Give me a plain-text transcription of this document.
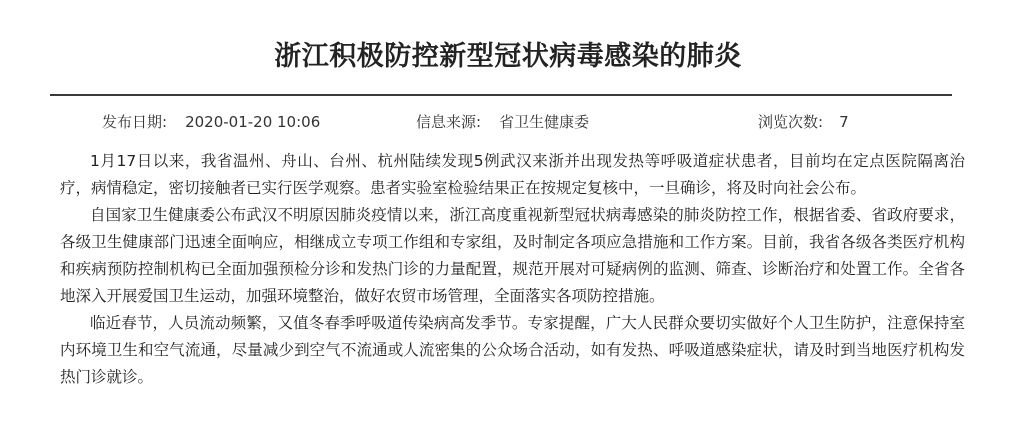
浙江积极防控新型冠状病毒感染的肺炎
发布日期: 2020-01-20 10:06	信息来源: 省卫生健康委	浏览次数: 7

1月17日以来，我省温州、舟山、台州、杭州陆续发现5例武汉来浙并出现发热等呼吸道症状患者，目前均在定点医院隔离治疗，病情稳定，密切接触者已实行医学观察。患者实验室检验结果正在按规定复核中，一旦确诊，将及时向社会公布。

自国家卫生健康委公布武汉不明原因肺炎疫情以来，浙江高度重视新型冠状病毒感染的肺炎防控工作，根据省委、省政府要求，各级卫生健康部门迅速全面响应，相继成立专项工作组和专家组，及时制定各项应急措施和工作方案。目前，我省各级各类医疗机构和疾病预防控制机构已全面加强预检分诊和发热门诊的力量配置，规范开展对可疑病例的监测、筛查、诊断治疗和处置工作。全省各地深入开展爱国卫生运动，加强环境整治，做好农贸市场管理，全面落实各项防控措施。

临近春节，人员流动频繁，又值冬春季呼吸道传染病高发季节。专家提醒，广大人民群众要切实做好个人卫生防护，注意保持室内环境卫生和空气流通，尽量减少到空气不流通或人流密集的公众场合活动，如有发热、呼吸道感染症状，请及时到当地医疗机构发热门诊就诊。
